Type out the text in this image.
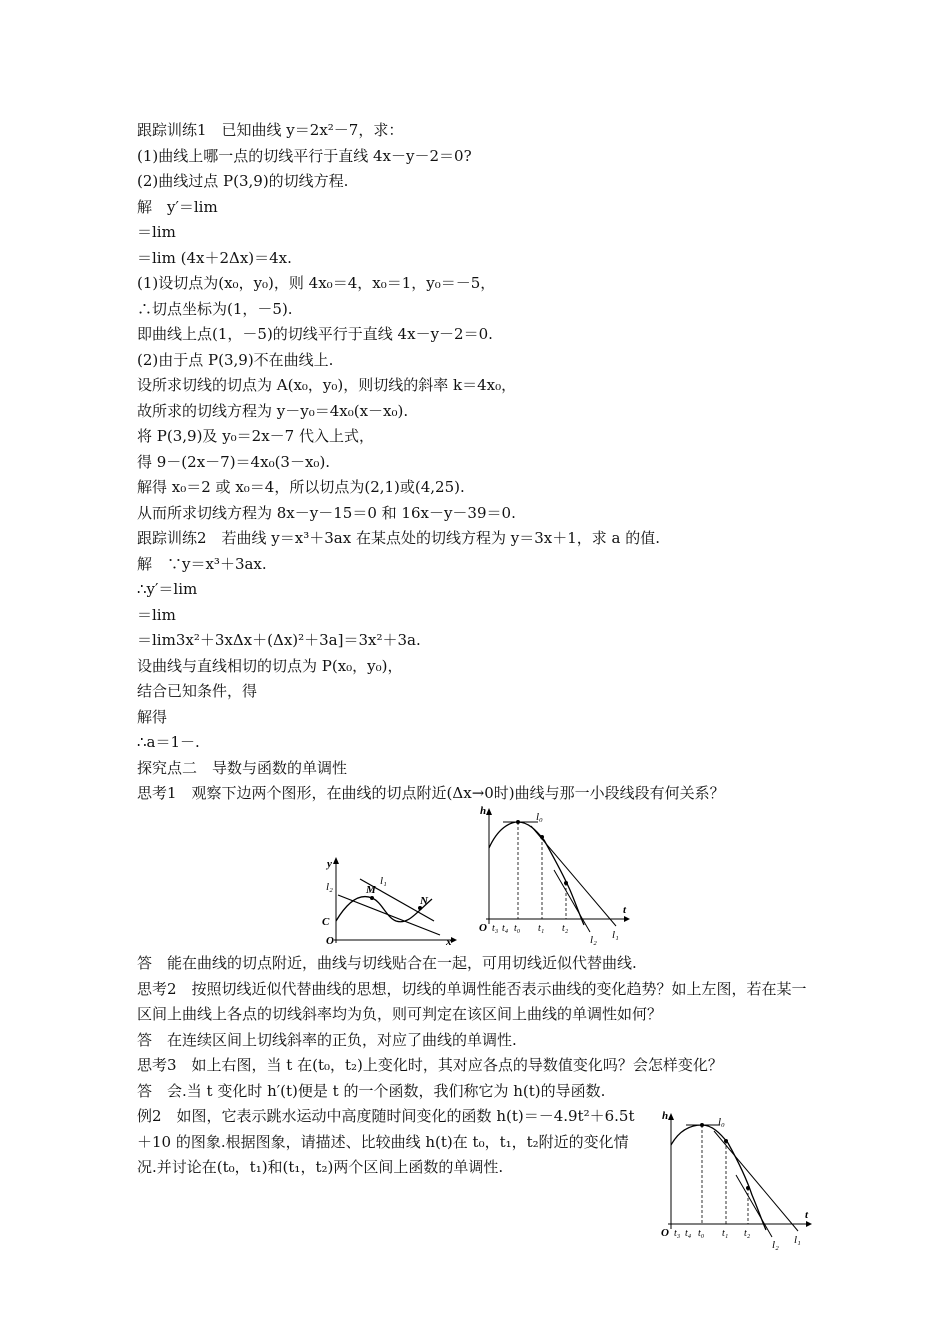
跟踪训练1　已知曲线 y＝2x²－7，求：
(1)曲线上哪一点的切线平行于直线 4x－y－2＝0?
(2)曲线过点 P(3,9)的切线方程.
解　y′＝lim
＝lim
＝lim (4x＋2Δx)＝4x.
(1)设切点为(x₀，y₀)，则 4x₀＝4，x₀＝1，y₀＝－5，
∴切点坐标为(1，－5).
即曲线上点(1，－5)的切线平行于直线 4x－y－2＝0.
(2)由于点 P(3,9)不在曲线上.
设所求切线的切点为 A(x₀，y₀)，则切线的斜率 k＝4x₀，
故所求的切线方程为 y－y₀＝4x₀(x－x₀).
将 P(3,9)及 y₀＝2x－7 代入上式，
得 9－(2x－7)＝4x₀(3－x₀).
解得 x₀＝2 或 x₀＝4，所以切点为(2,1)或(4,25).
从而所求切线方程为 8x－y－15＝0 和 16x－y－39＝0.
跟踪训练2　若曲线 y＝x³＋3ax 在某点处的切线方程为 y＝3x＋1，求 a 的值.
解　∵y＝x³＋3ax.
∴y′＝lim
＝lim
＝lim3x²＋3xΔx＋(Δx)²＋3a]＝3x²＋3a.
设曲线与直线相切的切点为 P(x₀，y₀)，
结合已知条件，得
解得
∴a＝1－.
探究点二　导数与函数的单调性
思考1　观察下边两个图形，在曲线的切点附近(Δx→0时)曲线与那一小段线段有何关系？
y
x
O
l₂	l₁
M
N
C
h
t
O
l₀
l₁
l₂
t₃ t₄ t₀ t₁ t₂
答　能在曲线的切点附近，曲线与切线贴合在一起，可用切线近似代替曲线.
思考2　按照切线近似代替曲线的思想，切线的单调性能否表示曲线的变化趋势？如上左图，若在某一区间上曲线上各点的切线斜率均为负，则可判定在该区间上曲线的单调性如何？
答　在连续区间上切线斜率的正负，对应了曲线的单调性.
思考3　如上右图，当 t 在(t₀，t₂)上变化时，其对应各点的导数值变化吗？会怎样变化？
答　会.当 t 变化时 h′(t)便是 t 的一个函数，我们称它为 h(t)的导函数.
例2　如图，它表示跳水运动中高度随时间变化的函数 h(t)＝－4.9t²＋6.5t＋10 的图象.根据图象，请描述、比较曲线 h(t)在 t₀，t₁，t₂附近的变化情况.并讨论在(t₀，t₁)和(t₁，t₂)两个区间上函数的单调性.
h
t
O
l₀
l₁
l₂
t₃ t₄ t₀ t₁ t₂
